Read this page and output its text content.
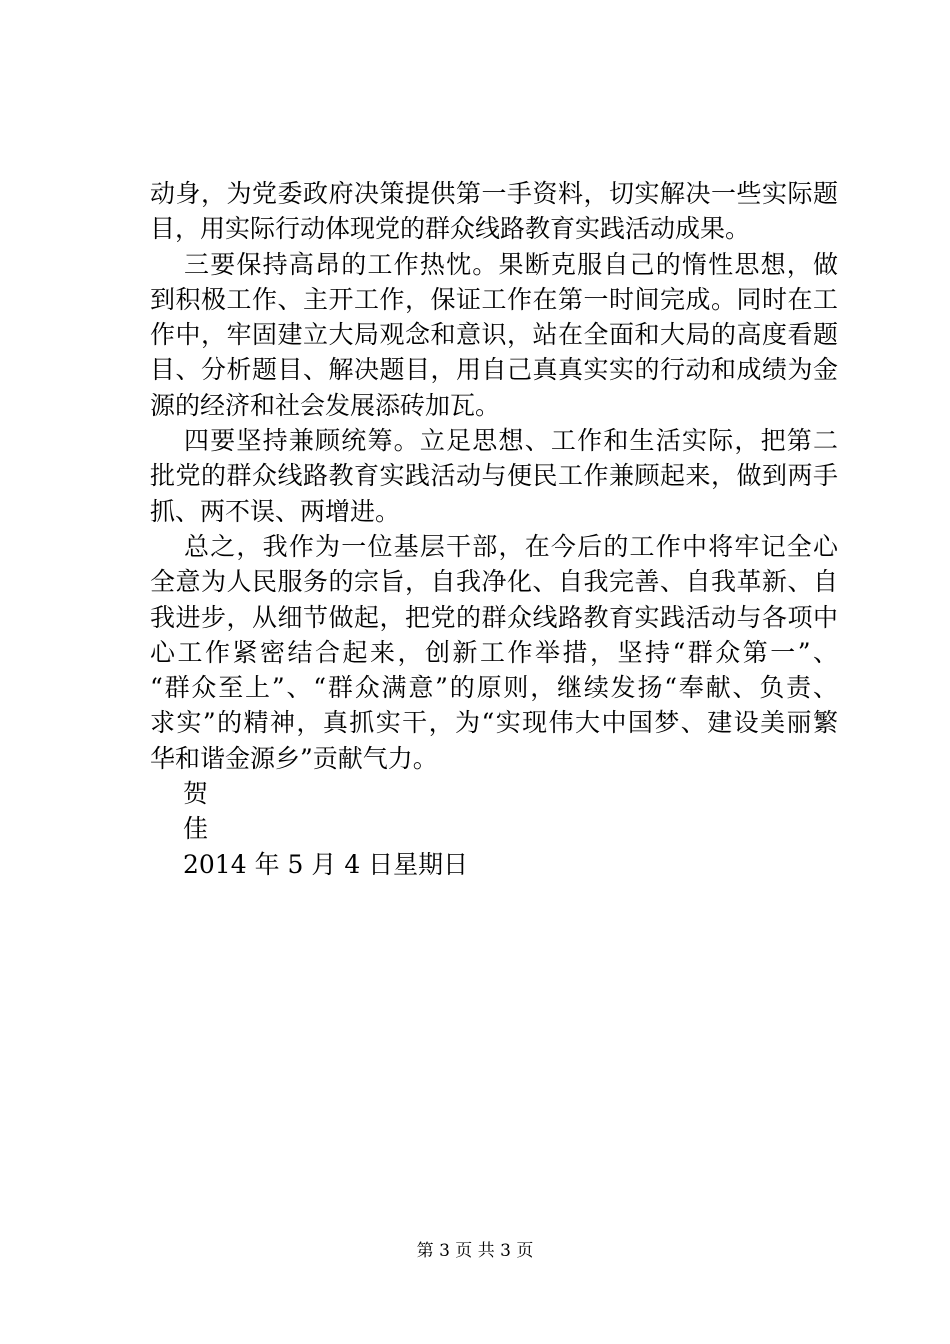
动身，为党委政府决策提供第一手资料，切实解决一些实际题
目，用实际行动体现党的群众线路教育实践活动成果。
三要保持高昂的工作热忱。果断克服自己的惰性思想，做
到积极工作、主开工作，保证工作在第一时间完成。同时在工
作中，牢固建立大局观念和意识，站在全面和大局的高度看题
目、分析题目、解决题目，用自己真真实实的行动和成绩为金
源的经济和社会发展添砖加瓦。
四要坚持兼顾统筹。立足思想、工作和生活实际，把第二
批党的群众线路教育实践活动与便民工作兼顾起来，做到两手
抓、两不误、两增进。
总之，我作为一位基层干部，在今后的工作中将牢记全心
全意为人民服务的宗旨，自我净化、自我完善、自我革新、自
我进步，从细节做起，把党的群众线路教育实践活动与各项中
心工作紧密结合起来，创新工作举措，坚持“群众第一”、
“群众至上”、“群众满意”的原则，继续发扬“奉献、负责、
求实”的精神，真抓实干，为“实现伟大中国梦、建设美丽繁
华和谐金源乡”贡献气力。
贺
佳
2014 年 5 月 4 日星期日
第 3 页 共 3 页
